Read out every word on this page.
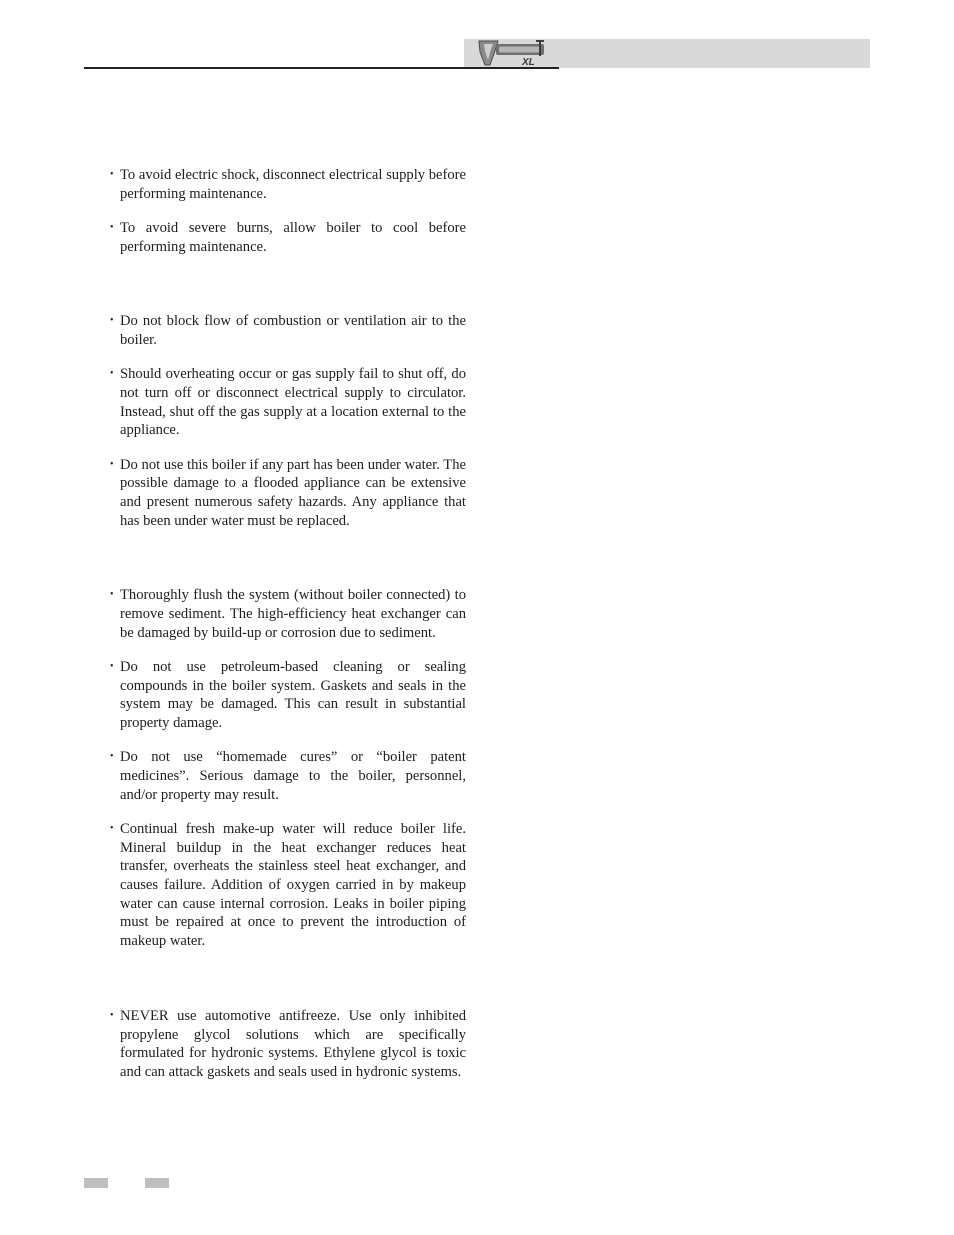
XL
• To avoid electric shock, disconnect electrical supply before performing maintenance.
• To avoid severe burns, allow boiler to cool before performing maintenance.
• Do not block flow of combustion or ventilation air to the boiler.
• Should overheating occur or gas supply fail to shut off, do not turn off or disconnect electrical supply to circulator. Instead, shut off the gas supply at a location external to the appliance.
• Do not use this boiler if any part has been under water. The possible damage to a flooded appliance can be extensive and present numerous safety hazards. Any appliance that has been under water must be replaced.
• Thoroughly flush the system (without boiler connected) to remove sediment. The high-efficiency heat exchanger can be damaged by build-up or corrosion due to sediment.
• Do not use petroleum-based cleaning or sealing compounds in the boiler system. Gaskets and seals in the system may be damaged. This can result in substantial property damage.
• Do not use “homemade cures” or “boiler patent medicines”. Serious damage to the boiler, personnel, and/or property may result.
• Continual fresh make-up water will reduce boiler life. Mineral buildup in the heat exchanger reduces heat transfer, overheats the stainless steel heat exchanger, and causes failure. Addition of oxygen carried in by makeup water can cause internal corrosion. Leaks in boiler piping must be repaired at once to prevent the introduction of makeup water.
• NEVER use automotive antifreeze. Use only inhibited propylene glycol solutions which are specifically formulated for hydronic systems. Ethylene glycol is toxic and can attack gaskets and seals used in hydronic systems.
